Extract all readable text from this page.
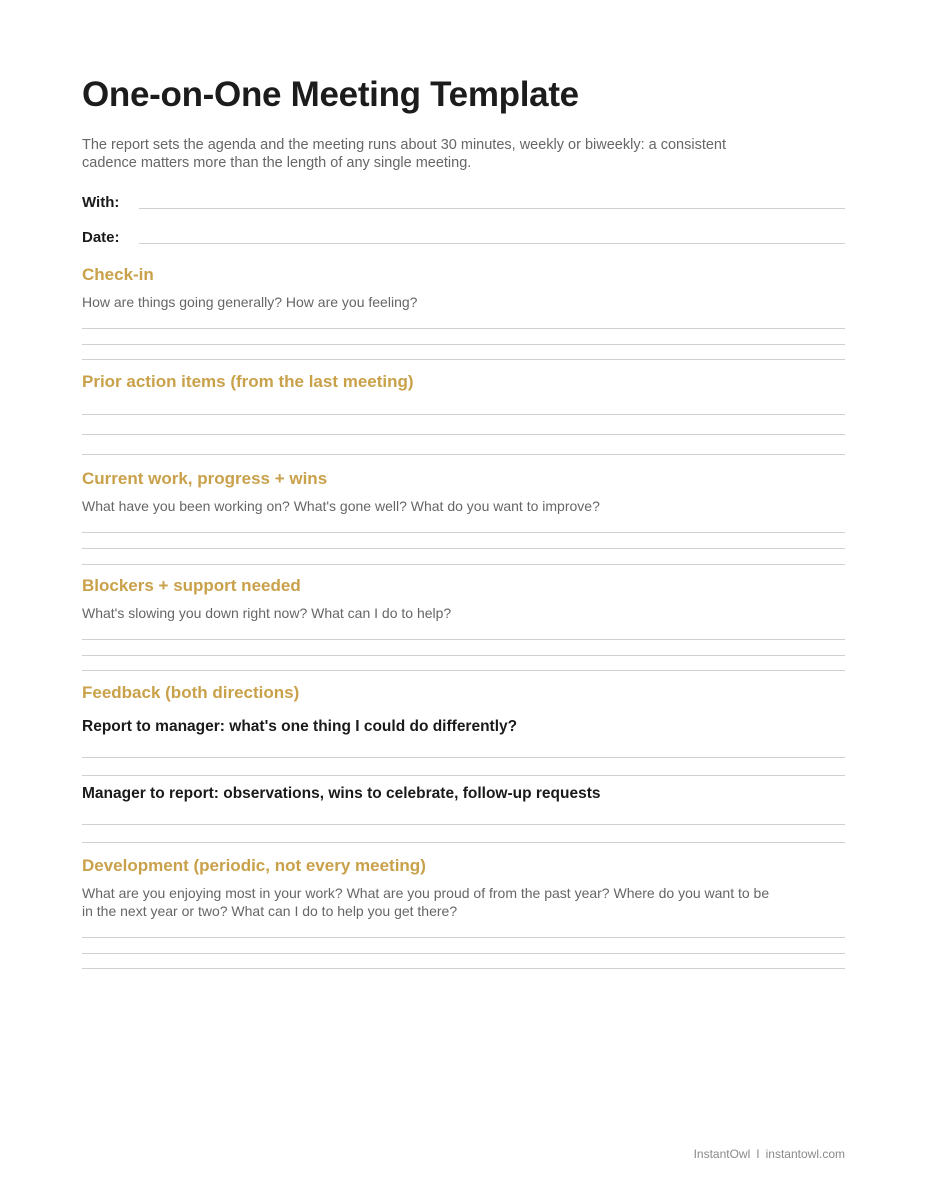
One-on-One Meeting Template

The report sets the agenda and the meeting runs about 30 minutes, weekly or biweekly: a consistent cadence matters more than the length of any single meeting.

With:
Date:
Check-in

How are things going generally? How are you feeling?

Prior action items (from the last meeting)
Current work, progress + wins

What have you been working on? What's gone well? What do you want to improve?

Blockers + support needed

What's slowing you down right now? What can I do to help?

Feedback (both directions)
Report to manager: what's one thing I could do differently?
Manager to report: observations, wins to celebrate, follow-up requests
Development (periodic, not every meeting)

What are you enjoying most in your work? What are you proud of from the past year? Where do you want to be in the next year or two? What can I do to help you get there?

InstantOwl I instantowl.com
